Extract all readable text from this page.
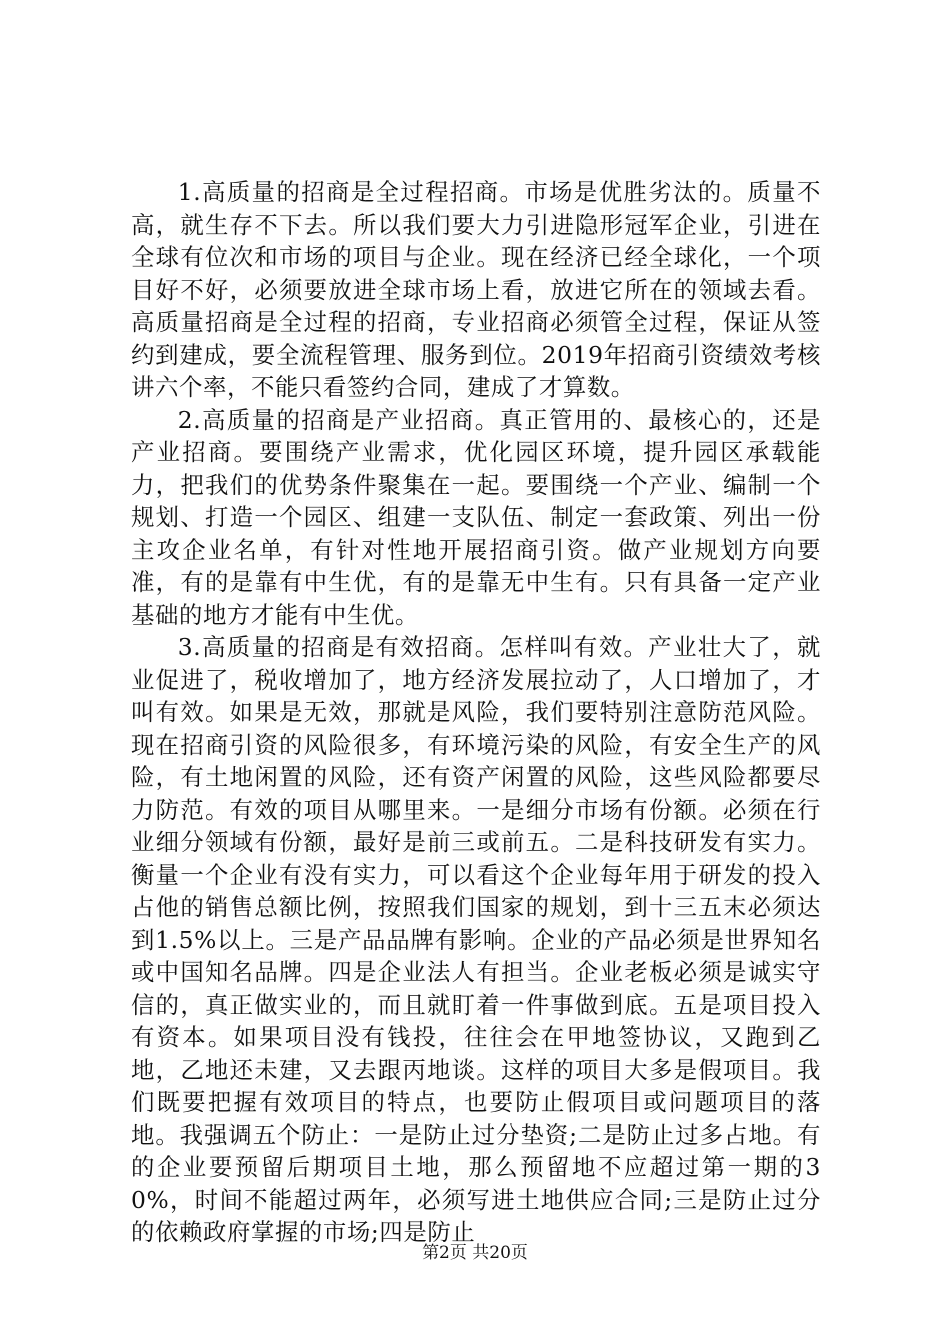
1.高质量的招商是全过程招商。市场是优胜劣汰的。质量不高，就生存不下去。所以我们要大力引进隐形冠军企业，引进在全球有位次和市场的项目与企业。现在经济已经全球化，一个项目好不好，必须要放进全球市场上看，放进它所在的领域去看。高质量招商是全过程的招商，专业招商必须管全过程，保证从签约到建成，要全流程管理、服务到位。2019年招商引资绩效考核讲六个率，不能只看签约合同，建成了才算数。

2.高质量的招商是产业招商。真正管用的、最核心的，还是产业招商。要围绕产业需求，优化园区环境，提升园区承载能力，把我们的优势条件聚集在一起。要围绕一个产业、编制一个规划、打造一个园区、组建一支队伍、制定一套政策、列出一份主攻企业名单，有针对性地开展招商引资。做产业规划方向要准，有的是靠有中生优，有的是靠无中生有。只有具备一定产业基础的地方才能有中生优。

3.高质量的招商是有效招商。怎样叫有效。产业壮大了，就业促进了，税收增加了，地方经济发展拉动了，人口增加了，才叫有效。如果是无效，那就是风险，我们要特别注意防范风险。现在招商引资的风险很多，有环境污染的风险，有安全生产的风险，有土地闲置的风险，还有资产闲置的风险，这些风险都要尽力防范。有效的项目从哪里来。一是细分市场有份额。必须在行业细分领域有份额，最好是前三或前五。二是科技研发有实力。衡量一个企业有没有实力，可以看这个企业每年用于研发的投入占他的销售总额比例，按照我们国家的规划，到十三五末必须达到1.5%以上。三是产品品牌有影响。企业的产品必须是世界知名或中国知名品牌。四是企业法人有担当。企业老板必须是诚实守信的，真正做实业的，而且就盯着一件事做到底。五是项目投入有资本。如果项目没有钱投，往往会在甲地签协议，又跑到乙地，乙地还未建，又去跟丙地谈。这样的项目大多是假项目。我们既要把握有效项目的特点，也要防止假项目或问题项目的落地。我强调五个防止：一是防止过分垫资;二是防止过多占地。有的企业要预留后期项目土地，那么预留地不应超过第一期的30%，时间不能超过两年，必须写进土地供应合同;三是防止过分的依赖政府掌握的市场;四是防止

第2页 共20页
